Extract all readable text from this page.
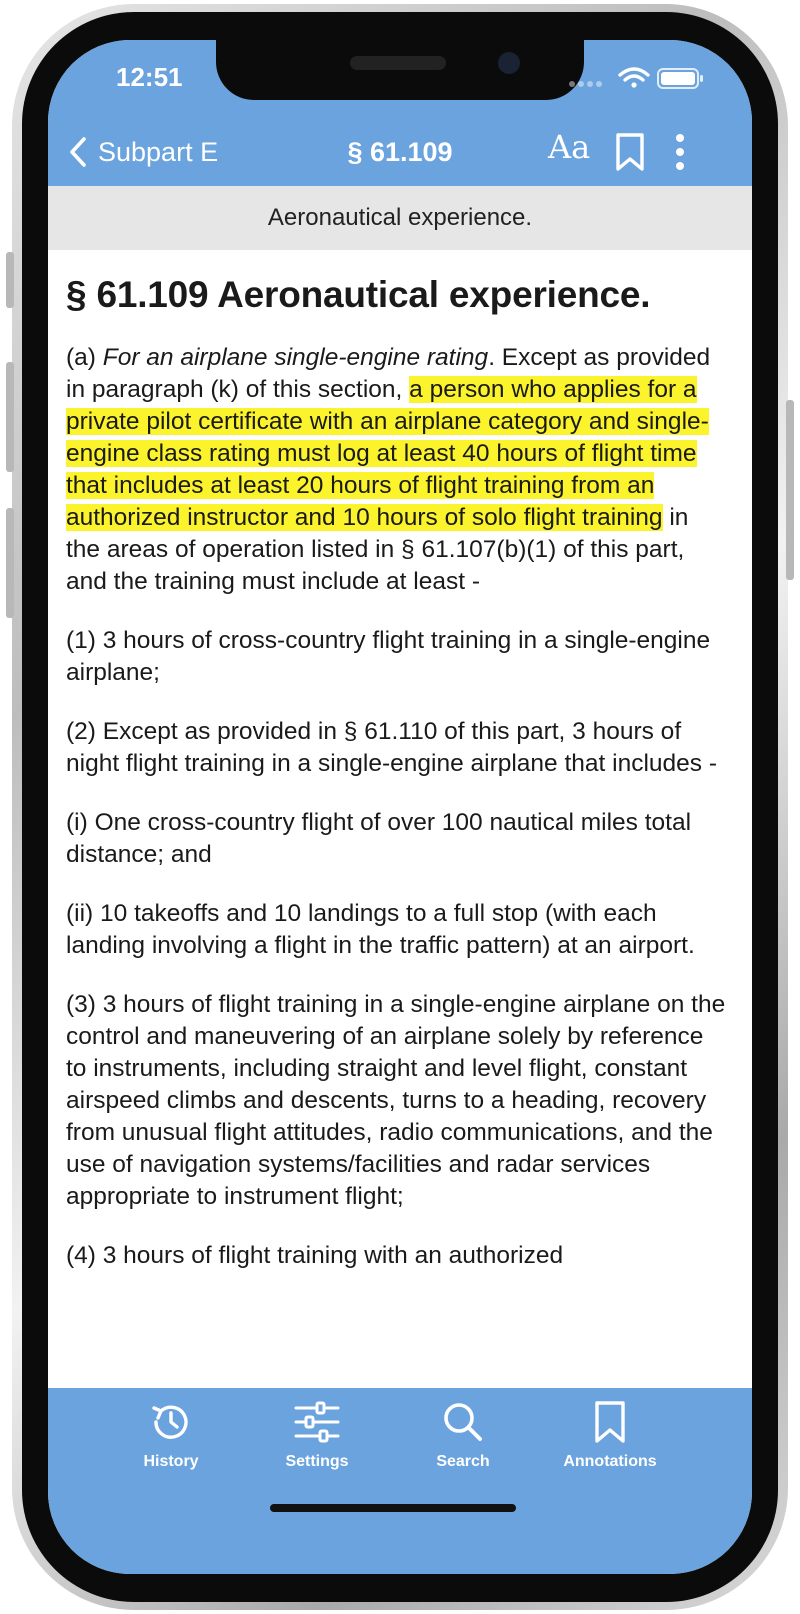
12:51
Subpart E	§ 61.109	Aa
Aeronautical experience.
§ 61.109 Aeronautical experience.

(a) For an airplane single-engine rating. Except as provided in paragraph (k) of this section, a person who applies for a private pilot certificate with an airplane category and single-engine class rating must log at least 40 hours of flight time that includes at least 20 hours of flight training from an authorized instructor and 10 hours of solo flight training in the areas of operation listed in § 61.107(b)(1) of this part, and the training must include at least -

(1) 3 hours of cross-country flight training in a single-engine airplane;

(2) Except as provided in § 61.110 of this part, 3 hours of night flight training in a single-engine airplane that includes -

(i) One cross-country flight of over 100 nautical miles total distance; and

(ii) 10 takeoffs and 10 landings to a full stop (with each landing involving a flight in the traffic pattern) at an airport.

(3) 3 hours of flight training in a single-engine airplane on the control and maneuvering of an airplane solely by reference to instruments, including straight and level flight, constant airspeed climbs and descents, turns to a heading, recovery from unusual flight attitudes, radio communications, and the use of navigation systems/facilities and radar services appropriate to instrument flight;

(4) 3 hours of flight training with an authorized

History	Settings	Search	Annotations
